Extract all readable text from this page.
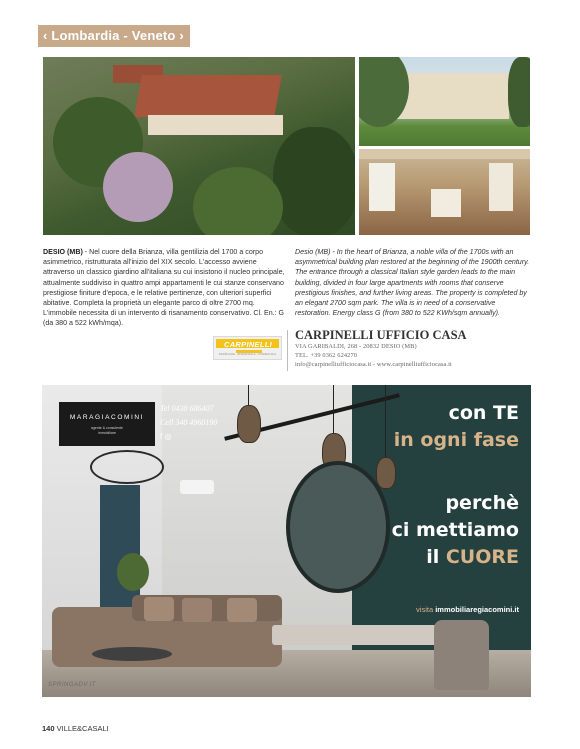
‹ Lombardia - Veneto ›
DESIO (MB) - Nel cuore della Brianza, villa gentilizia del 1700 a corpo asimmetrico, ristrutturata all'inizio del XIX secolo. L'accesso avviene attraverso un classico giardino all'italiana su cui insistono il nucleo principale, attualmente suddiviso in quattro ampi appartamenti le cui stanze conservano prestigiose finiture d'epoca, e le relative pertinenze, con ulteriori superfici abitative. Completa la proprietà un elegante parco di oltre 2700 mq. L'immobile necessita di un intervento di risanamento conservativo. Cl. En.: G (da 380 a 522 kWh/mqa).
Desio (MB) - In the heart of Brianza, a noble villa of the 1700s with an asymmetrical building plan restored at the beginning of the 1900th century. The entrance through a classical Italian style garden leads to the main building, divided in four large apartments with rooms that conserve prestigious finishes, and further living areas. The property is completed by an elegant 2700 sqm park. The villa is in need of a conservative restoration. Energy class G (from 380 to 522 KWh/sqm annually).
CARPINELLI
IMMOBILIARE · RESIDENZIALE · COMMERCIALE
CARPINELLI UFFICIO CASA
VIA GARIBALDI, 268 - 20832 DESIO (MB)
TEL. +39 0362 624270
info@carpinelliufficiocasa.it - www.carpinelliufficiocasa.it
MARAGIACOMINI
agente & consulente
immobiliare
Tel 0438 686407
Cell 340 4960190
f ◎
con TE
in ogni fase
perchè
ci mettiamo
il CUORE
visita immobiliaregiacomini.it
SPRINGADV.IT
140 VILLE&CASALI
